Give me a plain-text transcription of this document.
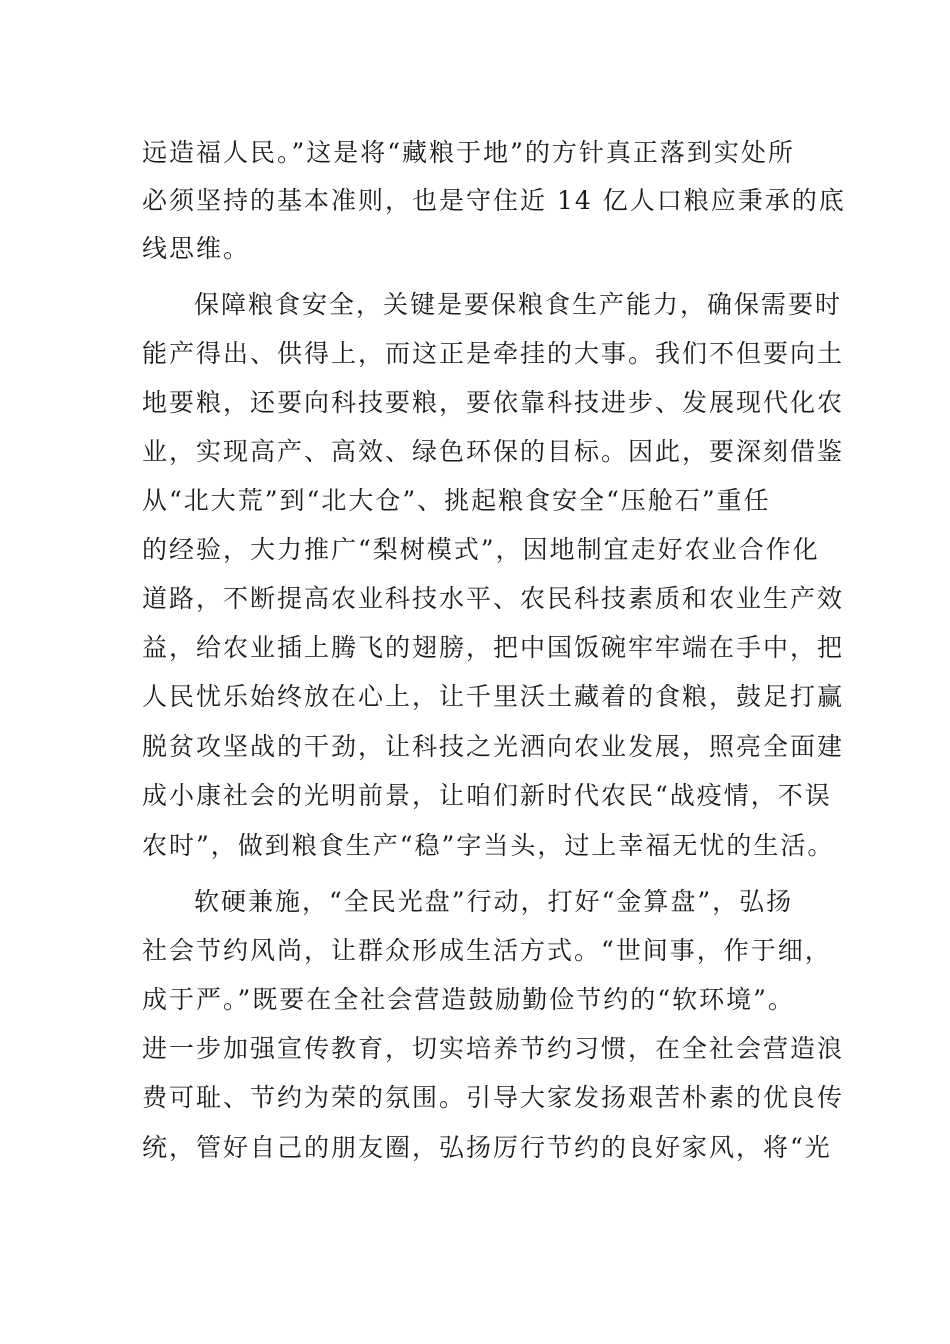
远造福人民。”这是将“藏粮于地”的方针真正落到实处所
必须坚持的基本准则，也是守住近 14 亿人口粮应秉承的底
线思维。
保障粮食安全，关键是要保粮食生产能力，确保需要时
能产得出、供得上，而这正是牵挂的大事。我们不但要向土
地要粮，还要向科技要粮，要依靠科技进步、发展现代化农
业，实现高产、高效、绿色环保的目标。因此，要深刻借鉴
从“北大荒”到“北大仓”、挑起粮食安全“压舱石”重任
的经验，大力推广“梨树模式”，因地制宜走好农业合作化
道路，不断提高农业科技水平、农民科技素质和农业生产效
益，给农业插上腾飞的翅膀，把中国饭碗牢牢端在手中，把
人民忧乐始终放在心上，让千里沃土藏着的食粮，鼓足打赢
脱贫攻坚战的干劲，让科技之光洒向农业发展，照亮全面建
成小康社会的光明前景，让咱们新时代农民“战疫情，不误
农时”，做到粮食生产“稳”字当头，过上幸福无忧的生活。
软硬兼施，“全民光盘”行动，打好“金算盘”，弘扬
社会节约风尚，让群众形成生活方式。“世间事，作于细，
成于严。”既要在全社会营造鼓励勤俭节约的“软环境”。
进一步加强宣传教育，切实培养节约习惯，在全社会营造浪
费可耻、节约为荣的氛围。引导大家发扬艰苦朴素的优良传
统，管好自己的朋友圈，弘扬厉行节约的良好家风，将“光
